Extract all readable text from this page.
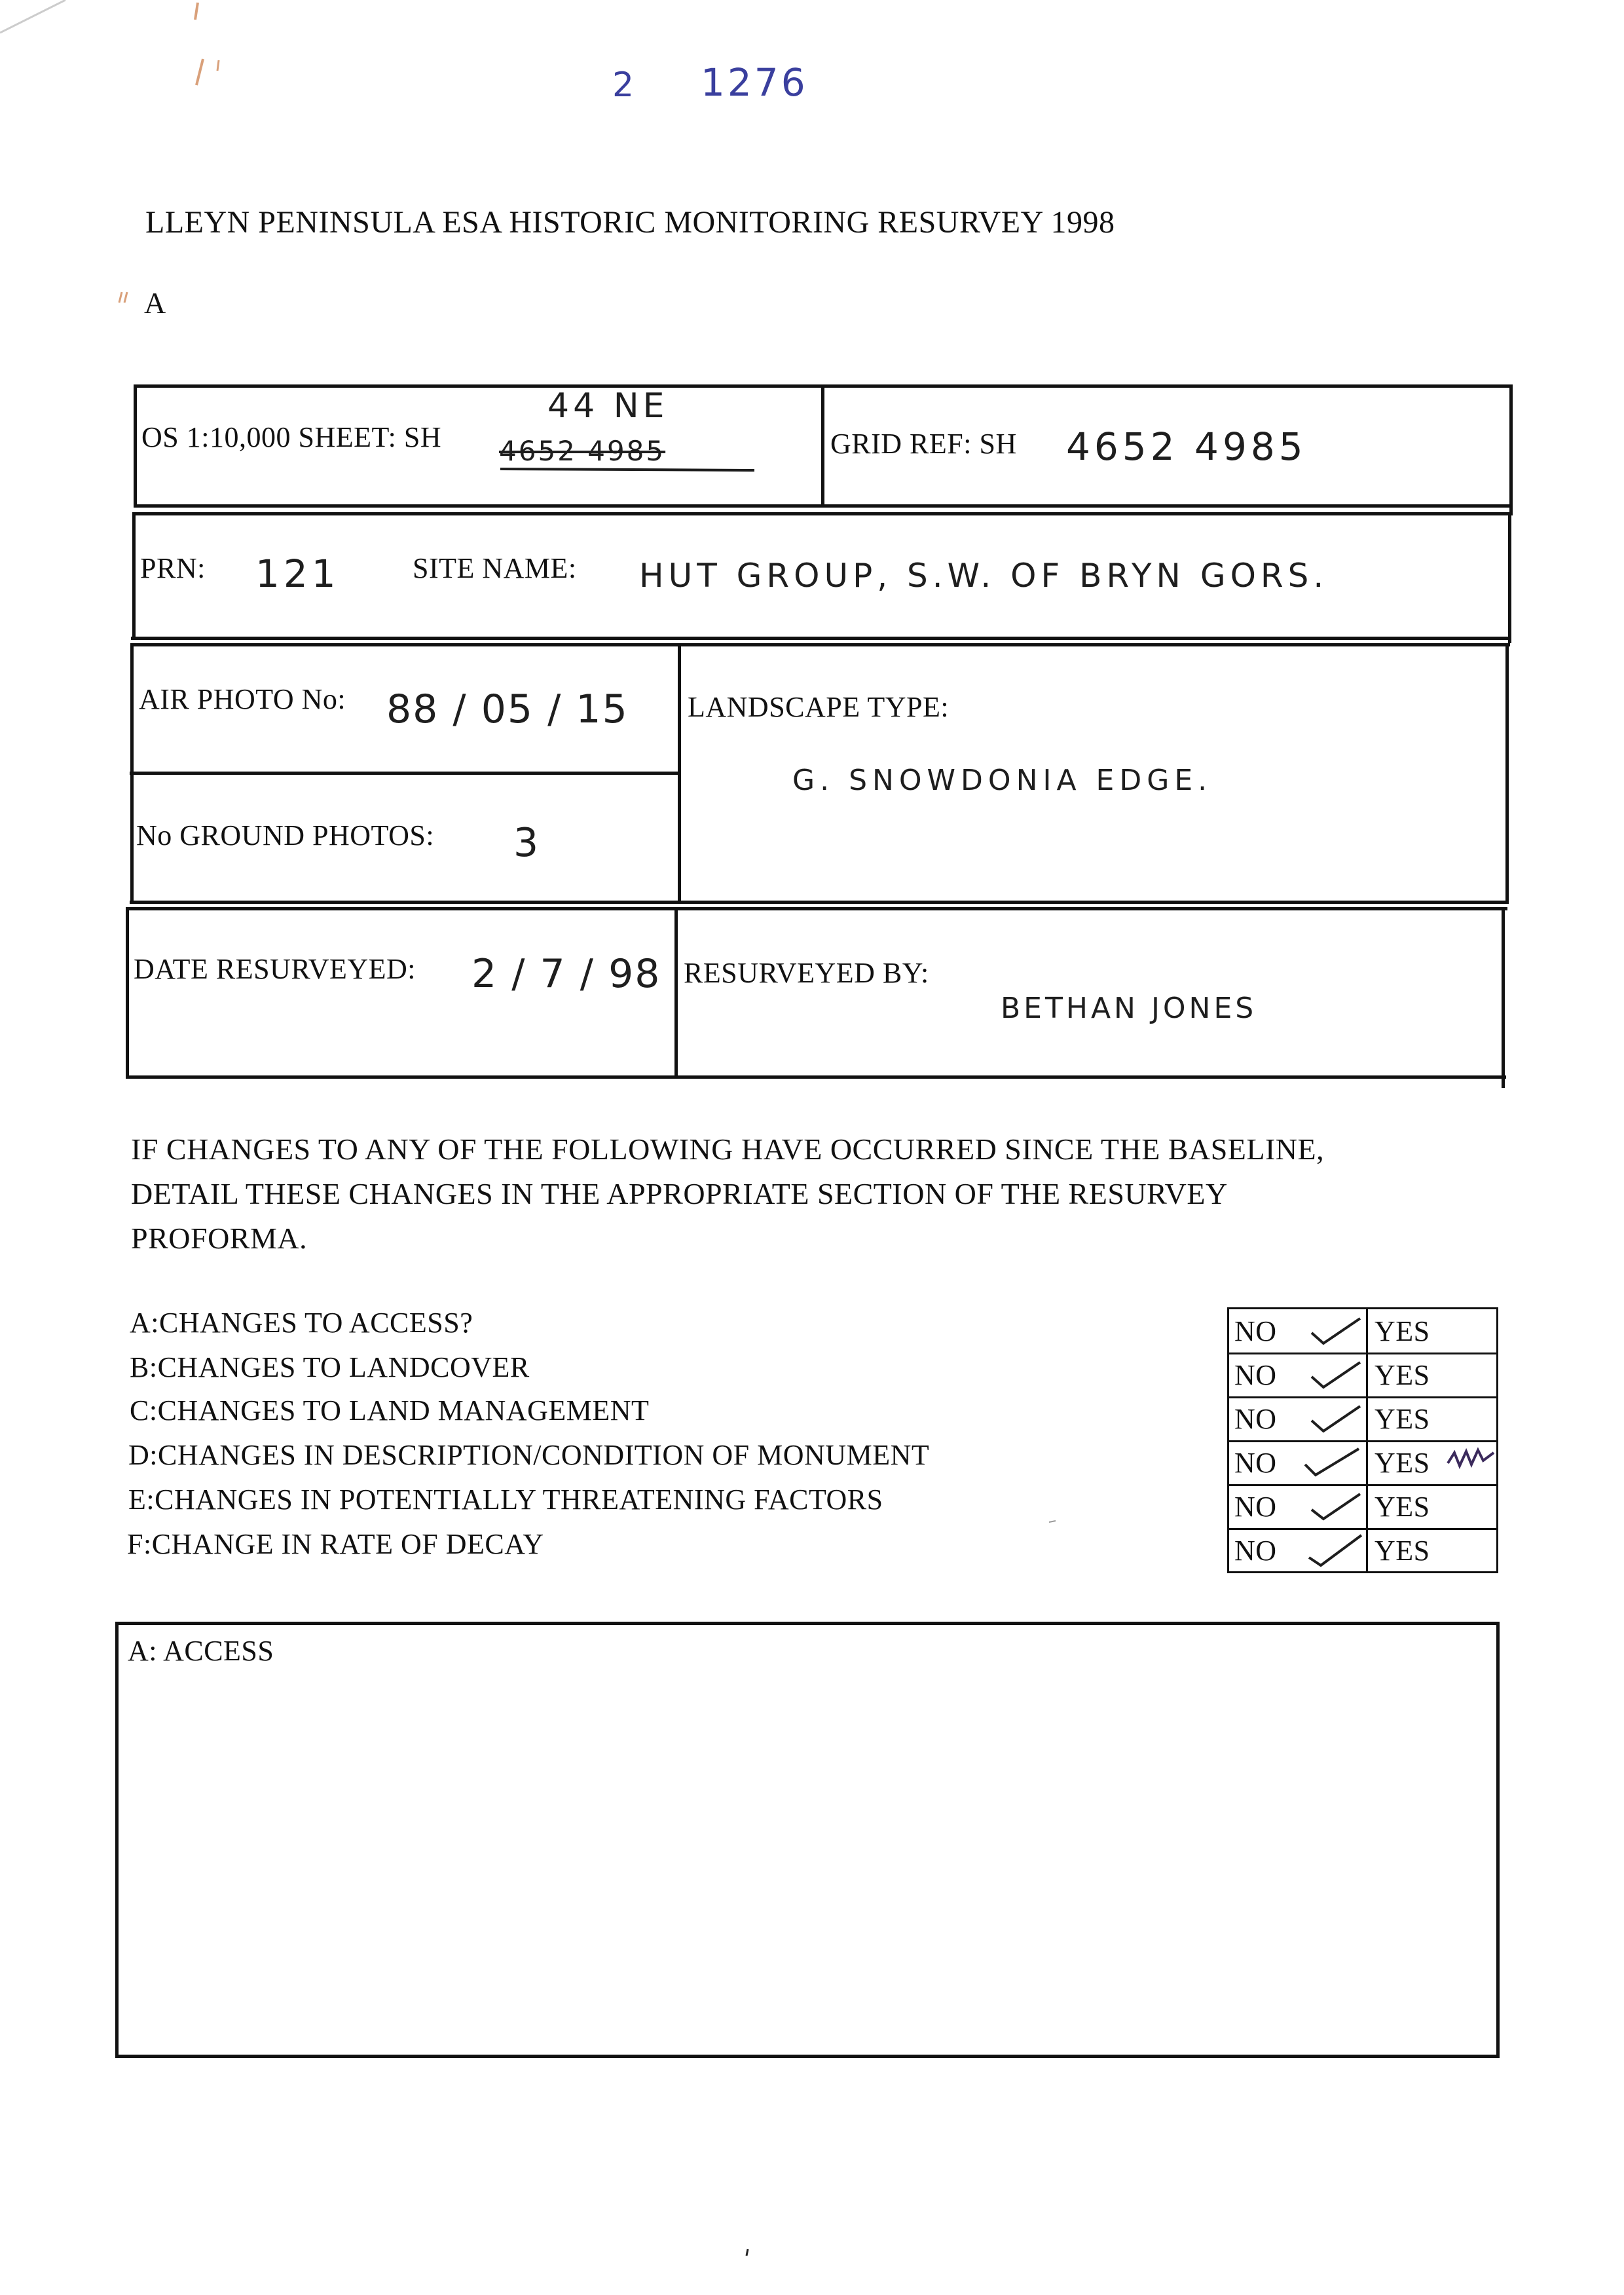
2 1276
LLEYN PENINSULA ESA HISTORIC MONITORING RESURVEY 1998
A
OS 1:10,000 SHEET: SH
44 NE
4652 4985	GRID REF: SH 4652 4985
PRN: 121	SITE NAME: HUT GROUP, S.W. OF BRYN GORS.
AIR PHOTO No: 88 / 05 / 15 LANDSCAPE TYPE:
G. SNOWDONIA EDGE.
No GROUND PHOTOS: 3
DATE RESURVEYED: 2 / 7 / 98 RESURVEYED BY:
BETHAN JONES
IF CHANGES TO ANY OF THE FOLLOWING HAVE OCCURRED SINCE THE BASELINE,
DETAIL THESE CHANGES IN THE APPROPRIATE SECTION OF THE RESURVEY
PROFORMA.
A:CHANGES TO ACCESS?
B:CHANGES TO LANDCOVER
C:CHANGES TO LAND MANAGEMENT
D:CHANGES IN DESCRIPTION/CONDITION OF MONUMENT
E:CHANGES IN POTENTIALLY THREATENING FACTORS
F:CHANGE IN RATE OF DECAY
NO	YES
NO	YES
NO	YES
NO	YES
NO	YES
NO	YES
A: ACCESS
